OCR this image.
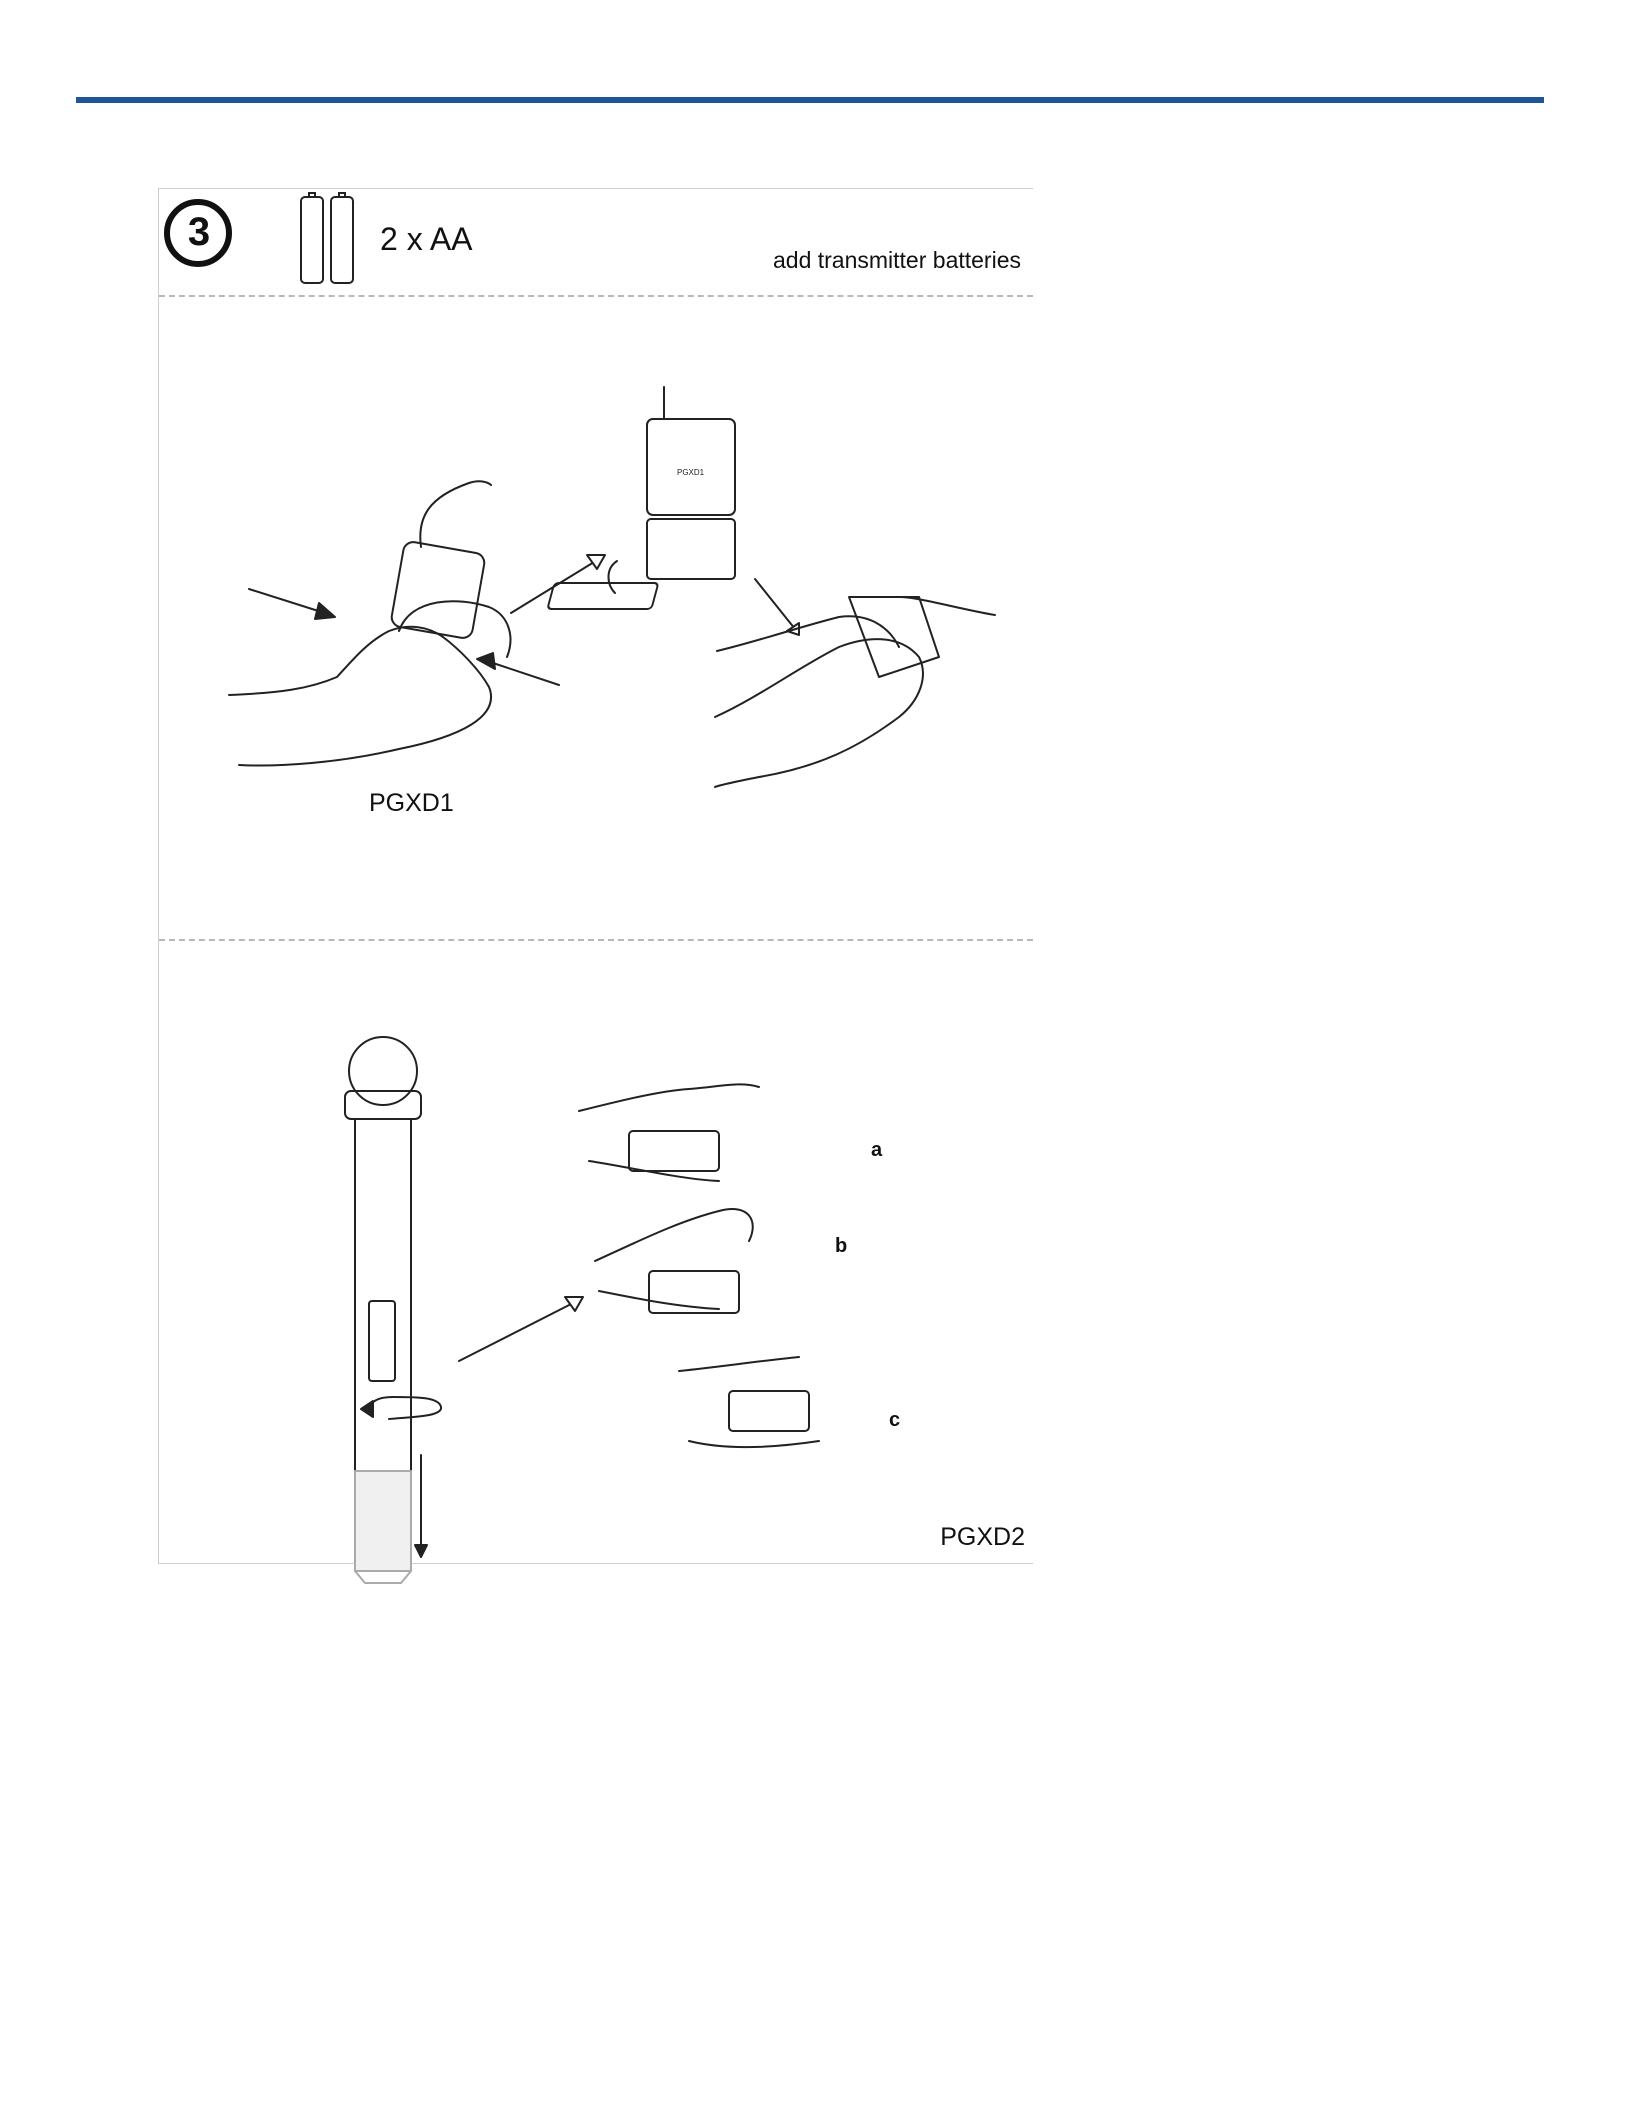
3	2 x AA
add transmitter batteries
PGXD1
PGXD1
a
b
c
PGXD2
